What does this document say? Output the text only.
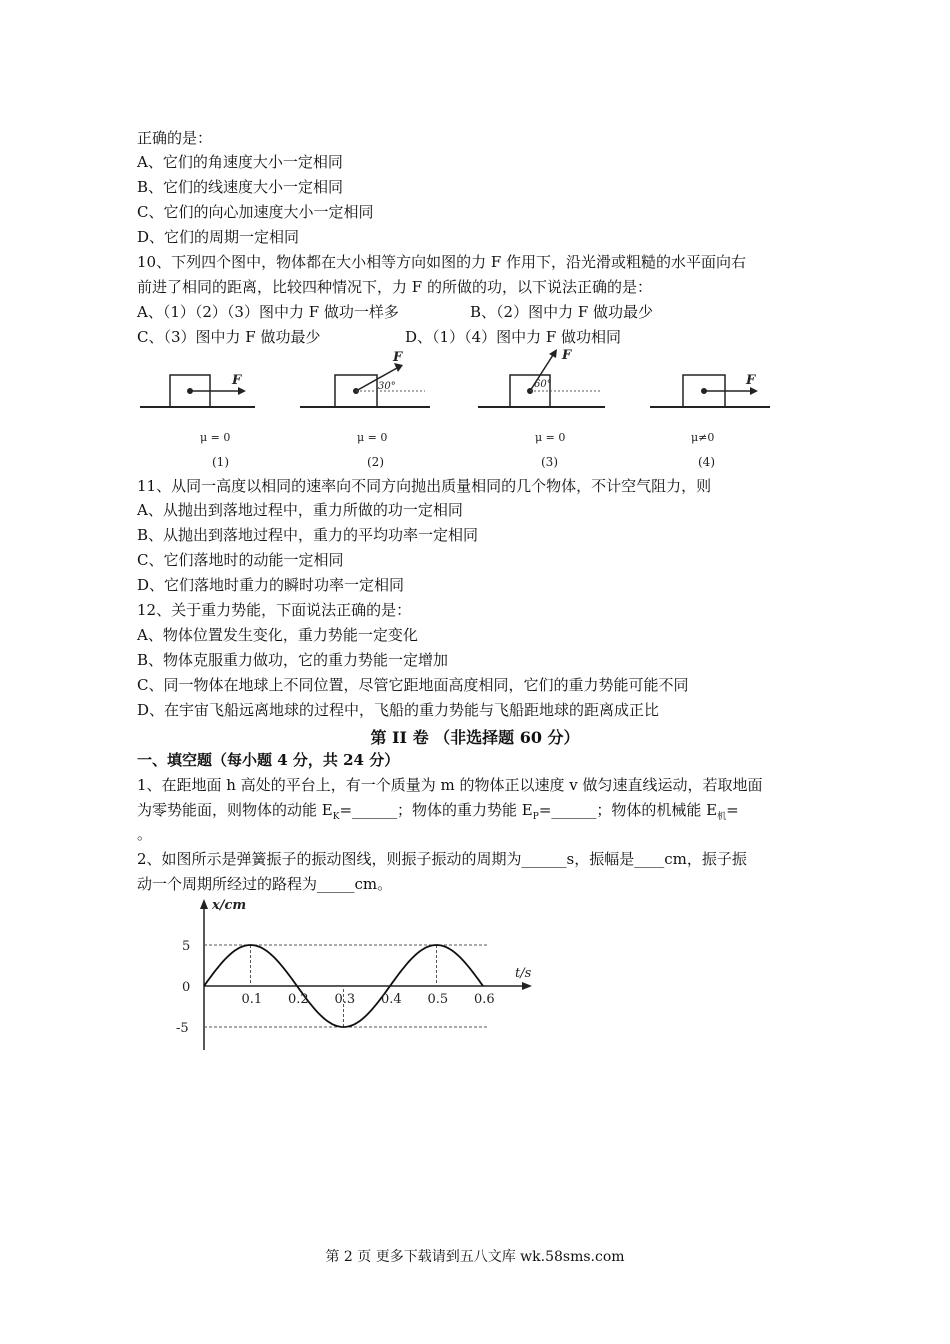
正确的是：
A、它们的角速度大小一定相同
B、它们的线速度大小一定相同
C、它们的向心加速度大小一定相同
D、它们的周期一定相同
10、下列四个图中，物体都在大小相等方向如图的力 F 作用下，沿光滑或粗糙的水平面向右
前进了相同的距离，比较四种情况下，力 F 的所做的功，以下说法正确的是：
A、（1）（2）（3）图中力 F 做功一样多	B、（2）图中力 F 做功最少
C、（3）图中力 F 做功最少	D、（1）（4）图中力 F 做功相同
F
μ = 0
(1)
F
30°
μ = 0
(2)
F
60°
μ = 0
(3)
F
μ≠0
(4)
11、从同一高度以相同的速率向不同方向抛出质量相同的几个物体，不计空气阻力，则
A、从抛出到落地过程中，重力所做的功一定相同
B、从抛出到落地过程中，重力的平均功率一定相同
C、它们落地时的动能一定相同
D、它们落地时重力的瞬时功率一定相同
12、关于重力势能，下面说法正确的是：
A、物体位置发生变化，重力势能一定变化
B、物体克服重力做功，它的重力势能一定增加
C、同一物体在地球上不同位置，尽管它距地面高度相同，它们的重力势能可能不同
D、在宇宙飞船远离地球的过程中，飞船的重力势能与飞船距地球的距离成正比
第 II 卷 （非选择题 60 分）
一、填空题（每小题 4 分，共 24 分）
1、在距地面 h 高处的平台上，有一个质量为 m 的物体正以速度 v 做匀速直线运动，若取地面
为零势能面，则物体的动能 $E_K=\_\_\_\_\_\_$；物体的重力势能 $E_P=\_\_\_\_\_\_$；物体的机械能 $E_机=$
。
2、如图所示是弹簧振子的振动图线，则振子振动的周期为______s，振幅是____cm，振子振
动一个周期所经过的路程为_____cm。
x/cm
t/s
0.1 0.2 0.3 0.4 0.5 0.6
5
0
-5
第 2 页 更多下载请到五八文库 wk.58sms.com
